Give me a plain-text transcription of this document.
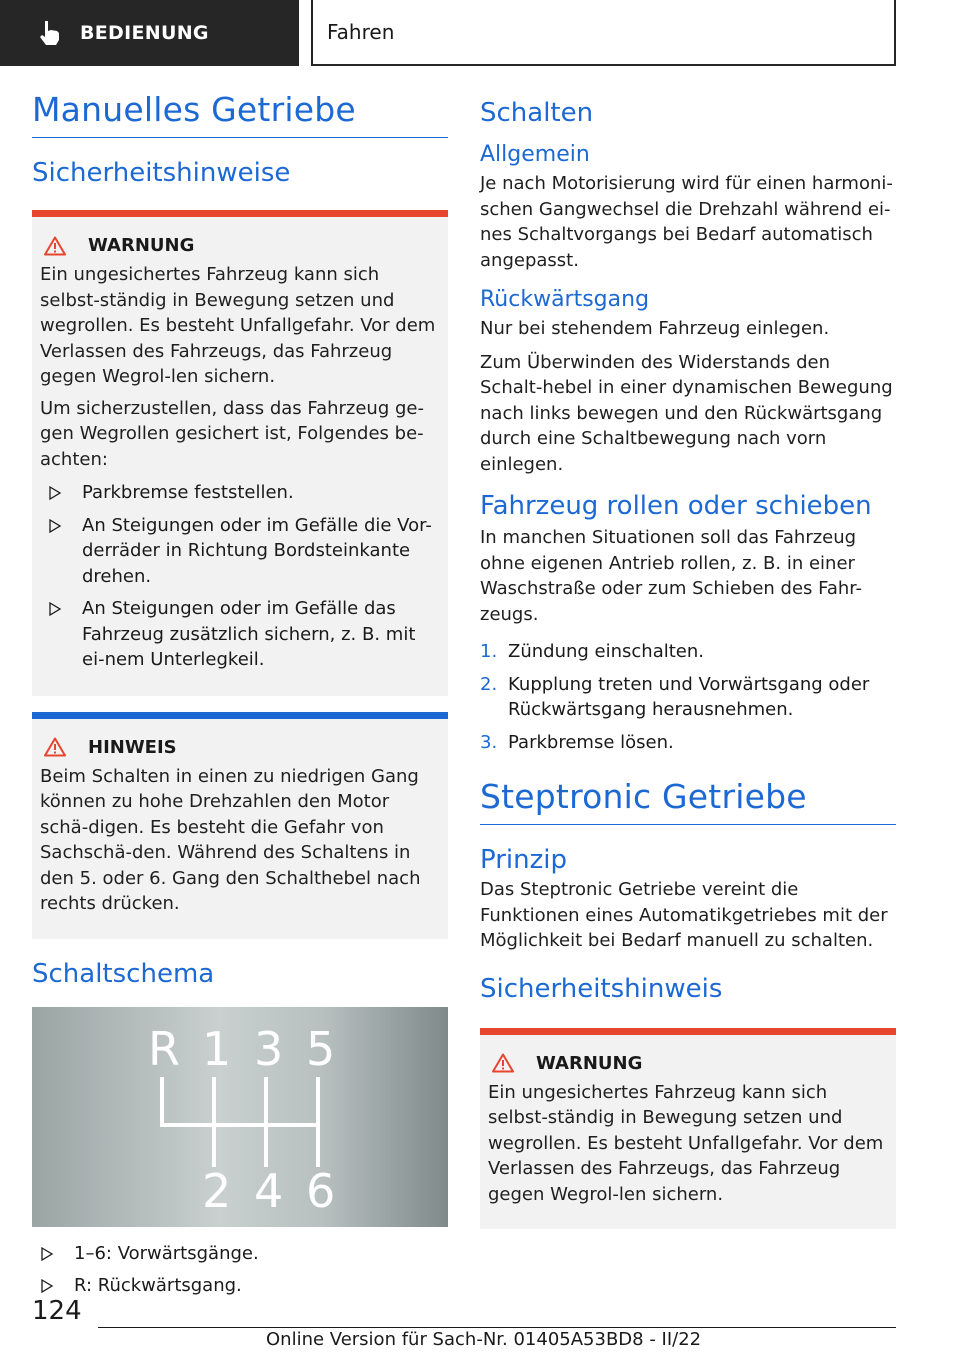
BEDIENUNG	Fahren
Manuelles Getriebe
Sicherheitshinweise
WARNUNG
Ein ungesichertes Fahrzeug kann sich selbst-ständig in Bewegung setzen und wegrollen. Es besteht Unfallgefahr. Vor dem Verlassen des Fahrzeugs, das Fahrzeug gegen Wegrol-len sichern.
Um sicherzustellen, dass das Fahrzeug ge-gen Wegrollen gesichert ist, Folgendes be-achten:
Parkbremse feststellen.
An Steigungen oder im Gefälle die Vor-derräder in Richtung Bordsteinkante drehen.
An Steigungen oder im Gefälle das Fahrzeug zusätzlich sichern, z. B. mit ei-nem Unterlegkeil.
HINWEIS
Beim Schalten in einen zu niedrigen Gang können zu hohe Drehzahlen den Motor schä-digen. Es besteht die Gefahr von Sachschä-den. Während des Schaltens in den 5. oder 6. Gang den Schalthebel nach rechts drücken.
Schaltschema
R 1 3 5
2 4 6
1–6: Vorwärtsgänge.
R: Rückwärtsgang.
Schalten
Allgemein
Je nach Motorisierung wird für einen harmoni-schen Gangwechsel die Drehzahl während ei-nes Schaltvorgangs bei Bedarf automatisch angepasst.
Rückwärtsgang
Nur bei stehendem Fahrzeug einlegen.
Zum Überwinden des Widerstands den Schalt-hebel in einer dynamischen Bewegung nach links bewegen und den Rückwärtsgang durch eine Schaltbewegung nach vorn einlegen.
Fahrzeug rollen oder schieben
In manchen Situationen soll das Fahrzeug ohne eigenen Antrieb rollen, z. B. in einer Waschstraße oder zum Schieben des Fahr-zeugs.
1. Zündung einschalten.
2. Kupplung treten und Vorwärtsgang oder Rückwärtsgang herausnehmen.
3. Parkbremse lösen.
Steptronic Getriebe
Prinzip
Das Steptronic Getriebe vereint die Funktionen eines Automatikgetriebes mit der Möglichkeit bei Bedarf manuell zu schalten.
Sicherheitshinweis
WARNUNG
Ein ungesichertes Fahrzeug kann sich selbst-ständig in Bewegung setzen und wegrollen. Es besteht Unfallgefahr. Vor dem Verlassen des Fahrzeugs, das Fahrzeug gegen Wegrol-len sichern.
124
Online Version für Sach-Nr. 01405A53BD8 - II/22
